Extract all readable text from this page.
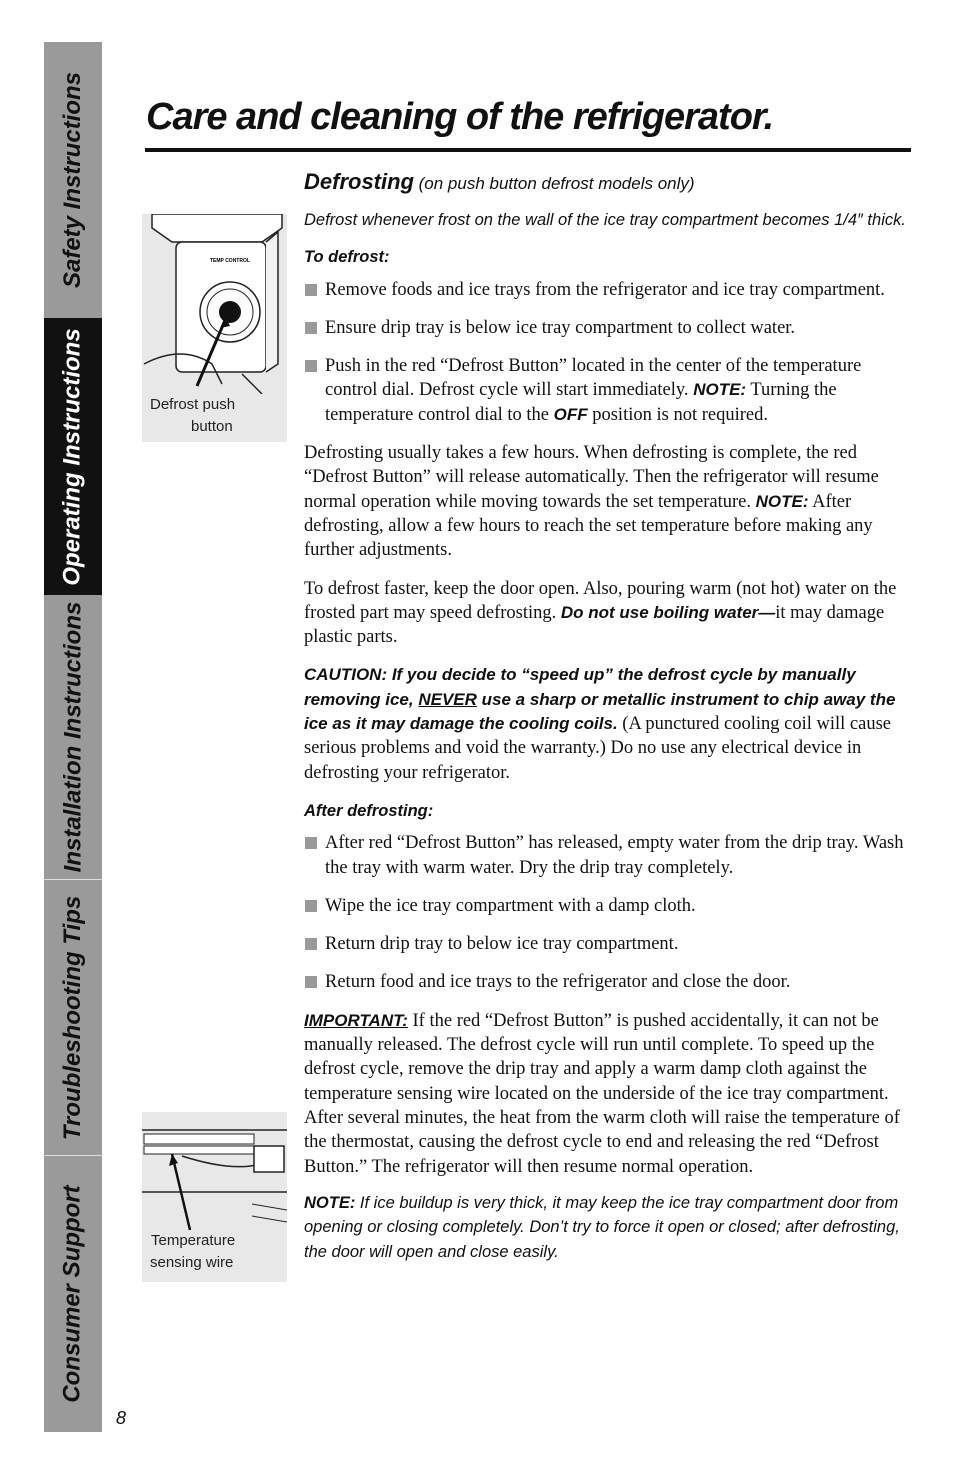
Safety Instructions
Operating Instructions
Installation Instructions
Troubleshooting Tips
Consumer Support
Care and cleaning of the refrigerator.
TEMP CONTROL
Defrost push
button
Temperature
sensing wire

Defrosting (on push button defrost models only)

Defrost whenever frost on the wall of the ice tray compartment becomes 1/4″ thick.

To defrost:

Remove foods and ice trays from the refrigerator and ice tray compartment.

Ensure drip tray is below ice tray compartment to collect water.

Push in the red “Defrost Button” located in the center of the temperature control dial. Defrost cycle will start immediately. NOTE: Turning the temperature control dial to the OFF position is not required.

Defrosting usually takes a few hours. When defrosting is complete, the red “Defrost Button” will release automatically. Then the refrigerator will resume normal operation while moving towards the set temperature. NOTE: After defrosting, allow a few hours to reach the set temperature before making any further adjustments.

To defrost faster, keep the door open. Also, pouring warm (not hot) water on the frosted part may speed defrosting. Do not use boiling water—it may damage plastic parts.

CAUTION: If you decide to “speed up” the defrost cycle by manually removing ice, NEVER use a sharp or metallic instrument to chip away the ice as it may damage the cooling coils. (A punctured cooling coil will cause serious problems and void the warranty.) Do no use any electrical device in defrosting your refrigerator.

After defrosting:

After red “Defrost Button” has released, empty water from the drip tray. Wash the tray with warm water. Dry the drip tray completely.

Wipe the ice tray compartment with a damp cloth.

Return drip tray to below ice tray compartment.

Return food and ice trays to the refrigerator and close the door.

IMPORTANT: If the red “Defrost Button” is pushed accidentally, it can not be manually released. The defrost cycle will run until complete. To speed up the defrost cycle, remove the drip tray and apply a warm damp cloth against the temperature sensing wire located on the underside of the ice tray compartment. After several minutes, the heat from the warm cloth will raise the temperature of the thermostat, causing the defrost cycle to end and releasing the red “Defrost Button.” The refrigerator will then resume normal operation.

NOTE: If ice buildup is very thick, it may keep the ice tray compartment door from opening or closing completely. Don’t try to force it open or closed; after defrosting, the door will open and close easily.

8
